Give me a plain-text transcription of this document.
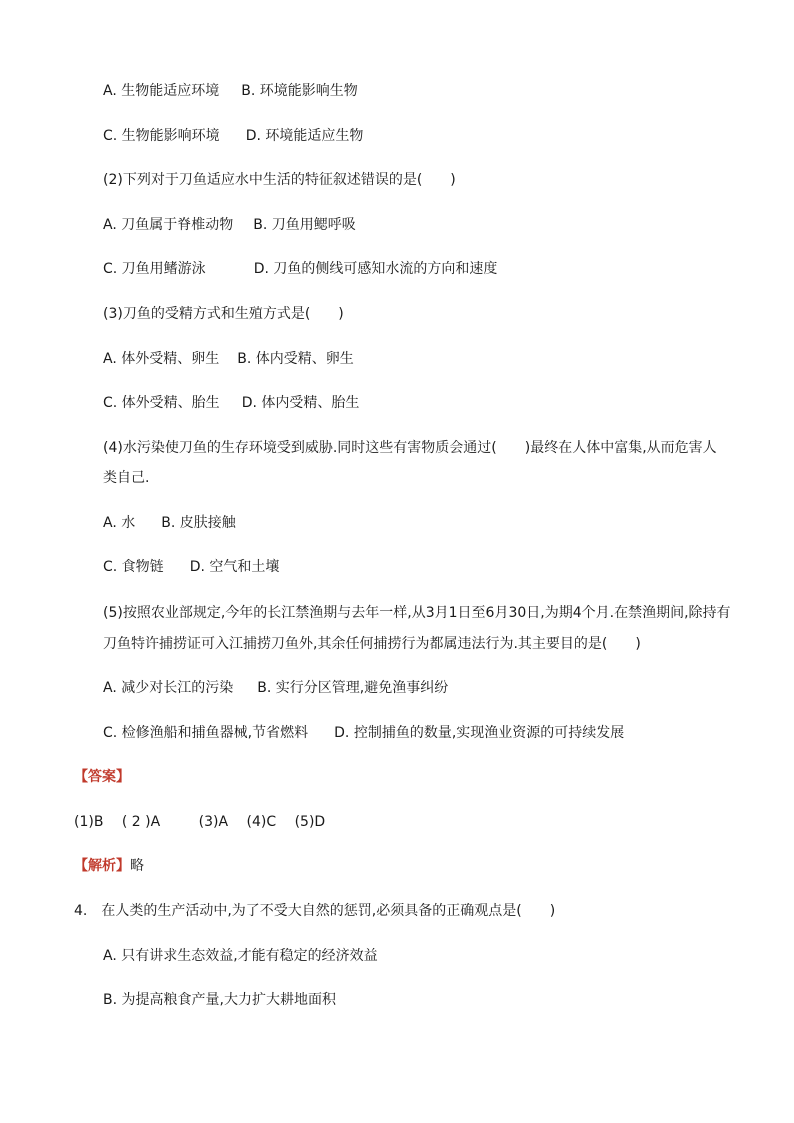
A. 生物能适应环境 B. 环境能影响生物
C. 生物能影响环境 D. 环境能适应生物
(2)下列对于刀鱼适应水中生活的特征叙述错误的是(　　)
A. 刀鱼属于脊椎动物 B. 刀鱼用鳃呼吸
C. 刀鱼用鳍游泳	D. 刀鱼的侧线可感知水流的方向和速度
(3)刀鱼的受精方式和生殖方式是(　　)
A. 体外受精、卵生 B. 体内受精、卵生
C. 体外受精、胎生 D. 体内受精、胎生
(4)水污染使刀鱼的生存环境受到威胁.同时这些有害物质会通过(　　)最终在人体中富集,从而危害人
类自己.
A. 水 B. 皮肤接触
C. 食物链 D. 空气和土壤
(5)按照农业部规定,今年的长江禁渔期与去年一样,从3月1日至6月30日,为期4个月.在禁渔期间,除持有
刀鱼特许捕捞证可入江捕捞刀鱼外,其余任何捕捞行为都属违法行为.其主要目的是(　　)
A. 减少对长江的污染 B. 实行分区管理,避免渔事纠纷
C. 检修渔船和捕鱼器械,节省燃料 D. 控制捕鱼的数量,实现渔业资源的可持续发展
【答案】
(1)B ( 2 )A	(3)A (4)C (5)D
【解析】略
4.　在人类的生产活动中,为了不受大自然的惩罚,必须具备的正确观点是(　　)
A. 只有讲求生态效益,才能有稳定的经济效益
B. 为提高粮食产量,大力扩大耕地面积
